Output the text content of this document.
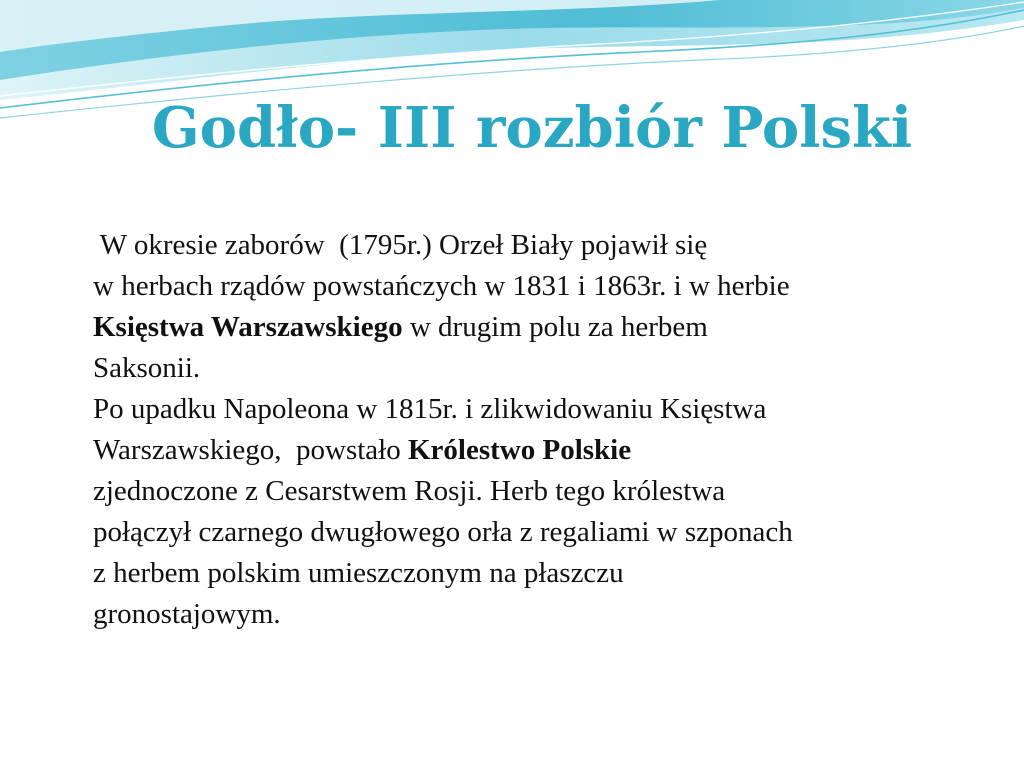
Godło- III rozbiór Polski

W okresie zaborów  (1795r.) Orzeł Biały pojawił się
w herbach rządów powstańczych w 1831 i 1863r. i w herbie
Księstwa Warszawskiego w drugim polu za herbem
Saksonii.

Po upadku Napoleona w 1815r. i zlikwidowaniu Księstwa
Warszawskiego,  powstało Królestwo Polskie
zjednoczone z Cesarstwem Rosji. Herb tego królestwa
połączył czarnego dwugłowego orła z regaliami w szponach
z herbem polskim umieszczonym na płaszczu
gronostajowym.
